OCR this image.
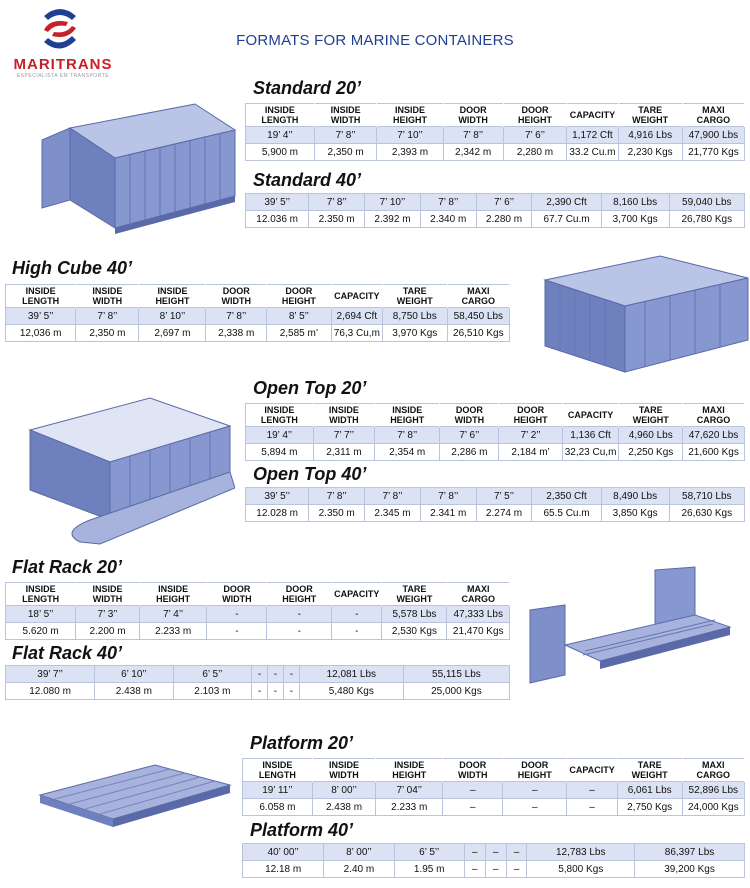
MARITRANS
ESPECIALISTA EM TRANSPORTE
FORMATS FOR MARINE CONTAINERS
Standard 20’
Standard 40’
High Cube 40’
Open Top 20’
Open Top 40’
Flat Rack 20’
Flat Rack 40’
Platform 20’
Platform 40’
INSIDE LENGTH	INSIDE WIDTH	INSIDE HEIGHT	DOOR WIDTH	DOOR HEIGHT	CAPACITY	TARE WEIGHT	MAXI CARGO
19’ 4’’	7’ 8’’	7’ 10’’	7’ 8’’	7’ 6’’	1,172 Cft	4,916 Lbs	47,900 Lbs
5,900 m	2,350 m	2,393 m	2,342 m	2,280 m	33.2 Cu.m	2,230 Kgs	21,770 Kgs
39’ 5’’	7’ 8’’	7’ 10’’	7’ 8’’	7’ 6’’	2,390 Cft	8,160 Lbs	59,040 Lbs
12.036 m	2.350 m	2.392 m	2.340 m	2.280 m	67.7 Cu.m	3,700 Kgs	26,780 Kgs
INSIDE LENGTH	INSIDE WIDTH	INSIDE HEIGHT	DOOR WIDTH	DOOR HEIGHT	CAPACITY	TARE WEIGHT	MAXI CARGO
39’ 5’’	7’ 8’’	8’ 10’’	7’ 8’’	8’ 5’’	2,694 Cft	8,750 Lbs	58,450 Lbs
12,036 m	2,350 m	2,697 m	2,338 m	2,585 m’	76,3 Cu,m	3,970 Kgs	26,510 Kgs
INSIDE LENGTH	INSIDE WIDTH	INSIDE HEIGHT	DOOR WIDTH	DOOR HEIGHT	CAPACITY	TARE WEIGHT	MAXI CARGO
19’ 4’’	7’ 7’’	7’ 8’’	7’ 6’’	7’ 2’’	1,136 Cft	4,960 Lbs	47,620 Lbs
5,894 m	2,311 m	2,354 m	2,286 m	2,184 m’	32,23 Cu,m	2,250 Kgs	21,600 Kgs
39’ 5’’	7’ 8’’	7’ 8’’	7’ 8’’	7’ 5’’	2,350 Cft	8,490 Lbs	58,710 Lbs
12.028 m	2.350 m	2.345 m	2.341 m	2.274 m	65.5 Cu.m	3,850 Kgs	26,630 Kgs
INSIDE LENGTH	INSIDE WIDTH	INSIDE HEIGHT	DOOR WIDTH	DOOR HEIGHT	CAPACITY	TARE WEIGHT	MAXI CARGO
18’ 5’’	7’ 3’’	7’ 4’’	-	-	-	5,578 Lbs	47,333 Lbs
5.620 m	2.200 m	2.233 m	-	-	-	2,530 Kgs	21,470 Kgs
39’ 7’’	6’ 10’’	6’ 5’’	-	-	-	12,081 Lbs	55,115 Lbs
12.080 m	2.438 m	2.103 m	-	-	-	5,480 Kgs	25,000 Kgs
INSIDE LENGTH	INSIDE WIDTH	INSIDE HEIGHT	DOOR WIDTH	DOOR HEIGHT	CAPACITY	TARE WEIGHT	MAXI CARGO
19’ 11’’	8’ 00’’	7’ 04’’	–	–	–	6,061 Lbs	52,896 Lbs
6.058 m	2.438 m	2.233 m	–	–	–	2,750 Kgs	24,000 Kgs
40’ 00’’	8’ 00’’	6’ 5’’	–	–	–	12,783 Lbs	86,397 Lbs
12.18 m	2.40 m	1.95 m	–	–	–	5,800 Kgs	39,200 Kgs
